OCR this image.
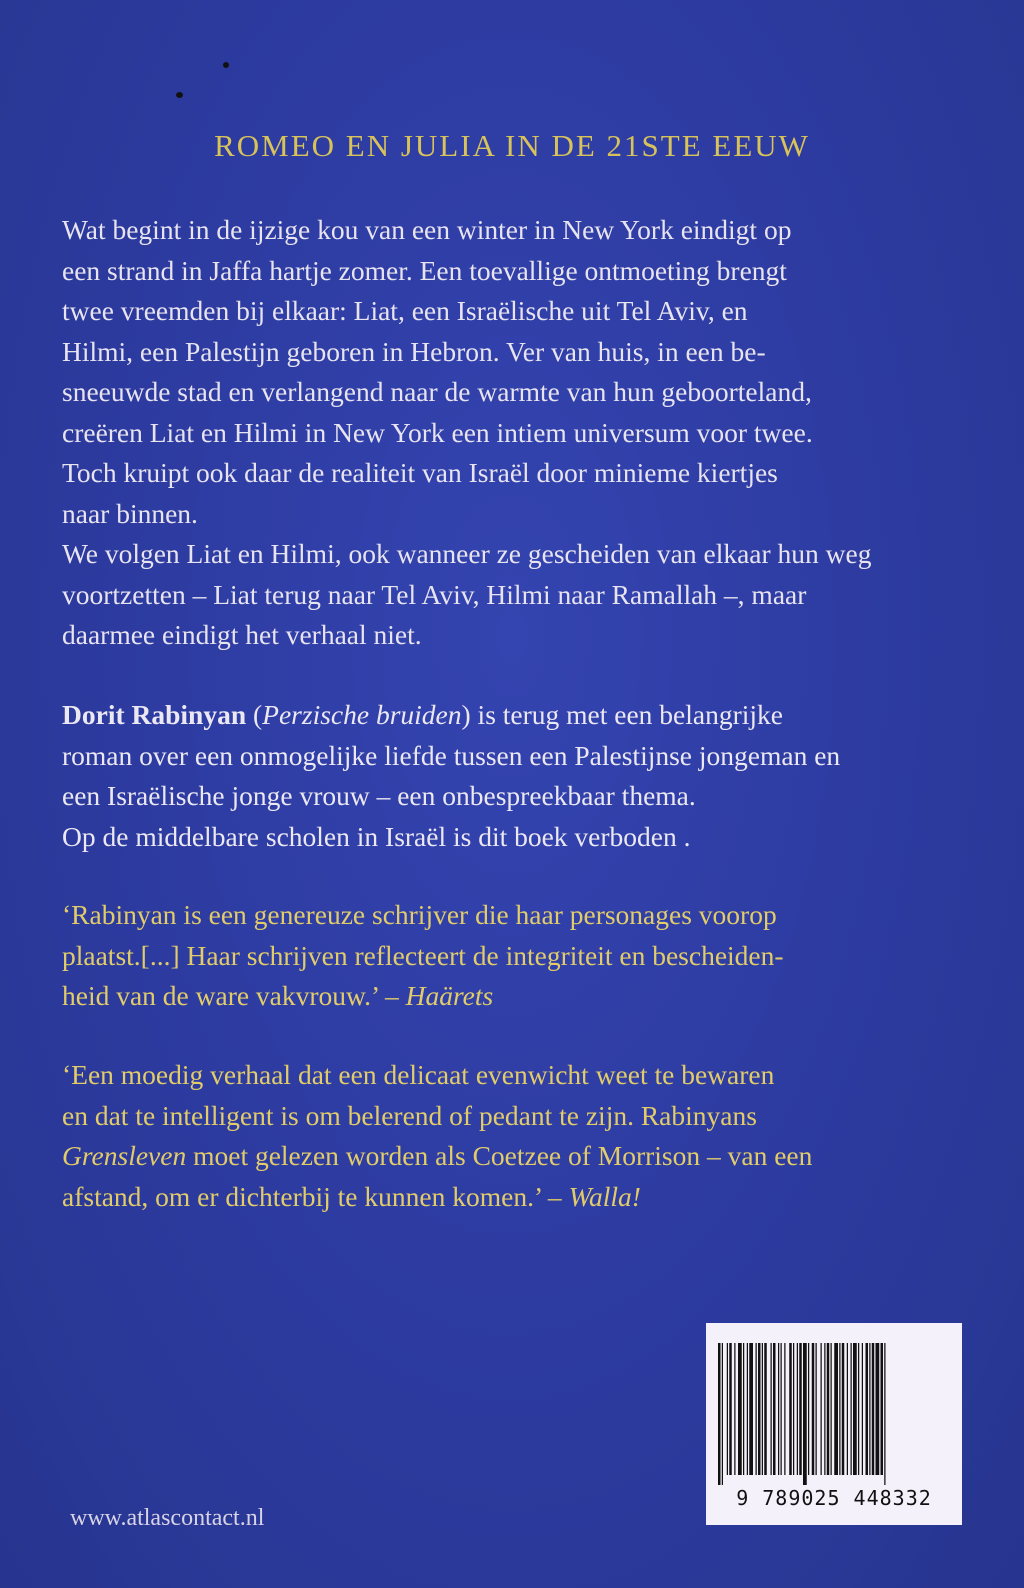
ROMEO EN JULIA IN DE 21STE EEUW

Wat begint in de ijzige kou van een winter in New York eindigt op

een strand in Jaffa hartje zomer. Een toevallige ontmoeting brengt

twee vreemden bij elkaar: Liat, een Israëlische uit Tel Aviv, en

Hilmi, een Palestijn geboren in Hebron. Ver van huis, in een be-

sneeuwde stad en verlangend naar de warmte van hun geboorteland,

creëren Liat en Hilmi in New York een intiem universum voor twee.

Toch kruipt ook daar de realiteit van Israël door minieme kiertjes

naar binnen.

We volgen Liat en Hilmi, ook wanneer ze gescheiden van elkaar hun weg

voortzetten – Liat terug naar Tel Aviv, Hilmi naar Ramallah –, maar

daarmee eindigt het verhaal niet.

Dorit Rabinyan (Perzische bruiden) is terug met een belangrijke

roman over een onmogelijke liefde tussen een Palestijnse jongeman en

een Israëlische jonge vrouw – een onbespreekbaar thema.

Op de middelbare scholen in Israël is dit boek verboden .

‘Rabinyan is een genereuze schrijver die haar personages voorop

plaatst.[...] Haar schrijven reflecteert de integriteit en bescheiden-

heid van de ware vakvrouw.’ – Haärets

‘Een moedig verhaal dat een delicaat evenwicht weet te bewaren

en dat te intelligent is om belerend of pedant te zijn. Rabinyans

Grensleven moet gelezen worden als Coetzee of Morrison – van een

afstand, om er dichterbij te kunnen komen.’ – Walla!

9 789025 448332
www.atlascontact.nl
